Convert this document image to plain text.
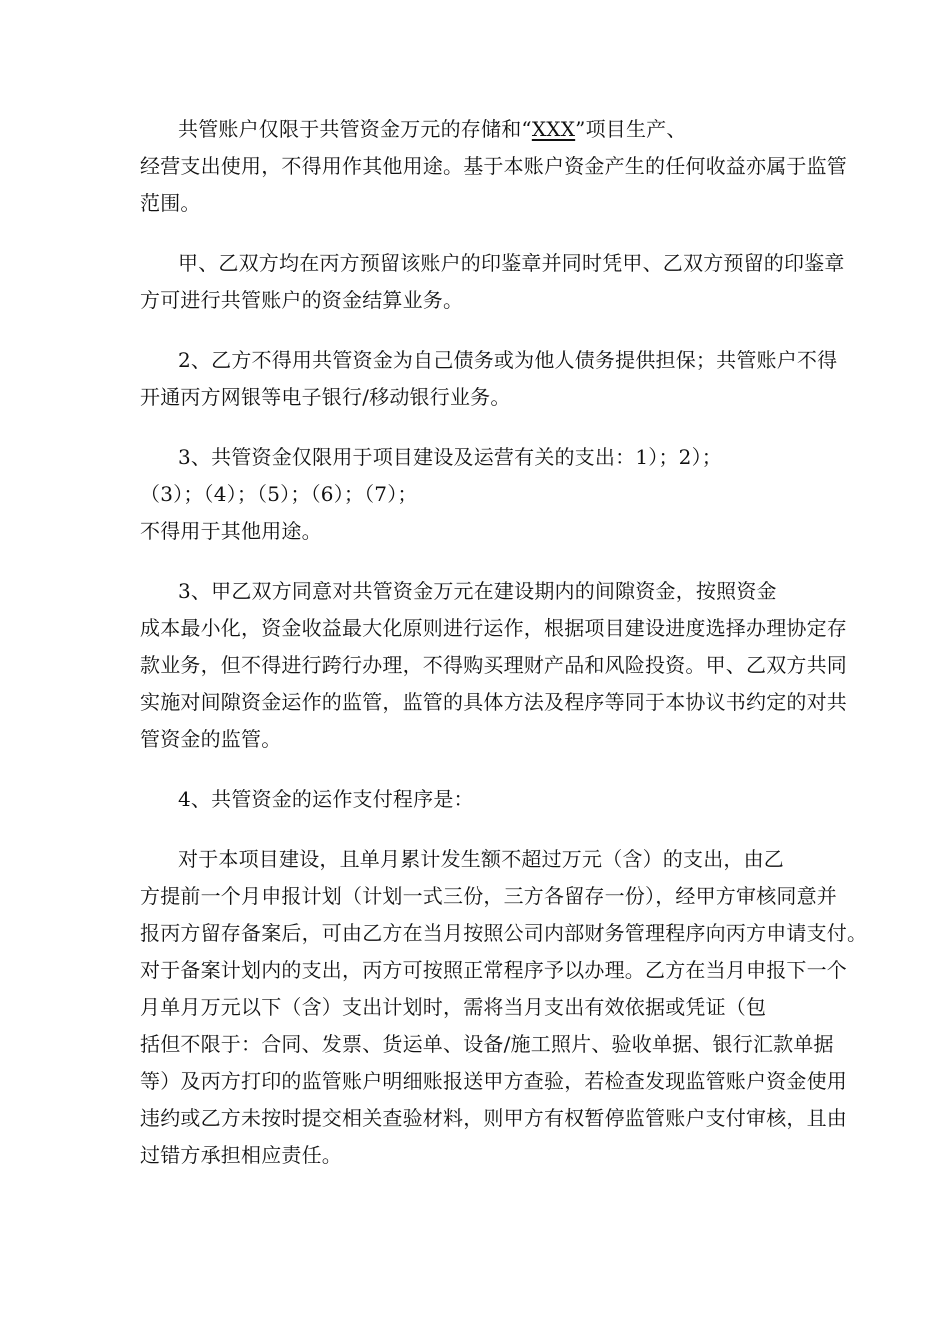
共管账户仅限于共管资金万元的存储和“XXX”项目生产、
经营支出使用，不得用作其他用途。基于本账户资金产生的任何收益亦属于监管
范围。
甲、乙双方均在丙方预留该账户的印鉴章并同时凭甲、乙双方预留的印鉴章
方可进行共管账户的资金结算业务。
2、乙方不得用共管资金为自己债务或为他人债务提供担保；共管账户不得
开通丙方网银等电子银行/移动银行业务。
3、共管资金仅限用于项目建设及运营有关的支出：1）；2）；
（3）；（4）；（5）；（6）；（7）；
不得用于其他用途。
3、甲乙双方同意对共管资金万元在建设期内的间隙资金，按照资金
成本最小化，资金收益最大化原则进行运作，根据项目建设进度选择办理协定存
款业务，但不得进行跨行办理，不得购买理财产品和风险投资。甲、乙双方共同
实施对间隙资金运作的监管，监管的具体方法及程序等同于本协议书约定的对共
管资金的监管。
4、共管资金的运作支付程序是：
对于本项目建设，且单月累计发生额不超过万元（含）的支出，由乙
方提前一个月申报计划（计划一式三份，三方各留存一份），经甲方审核同意并
报丙方留存备案后，可由乙方在当月按照公司内部财务管理程序向丙方申请支付。
对于备案计划内的支出，丙方可按照正常程序予以办理。乙方在当月申报下一个
月单月万元以下（含）支出计划时，需将当月支出有效依据或凭证（包
括但不限于：合同、发票、货运单、设备/施工照片、验收单据、银行汇款单据
等）及丙方打印的监管账户明细账报送甲方查验，若检查发现监管账户资金使用
违约或乙方未按时提交相关查验材料，则甲方有权暂停监管账户支付审核，且由
过错方承担相应责任。
